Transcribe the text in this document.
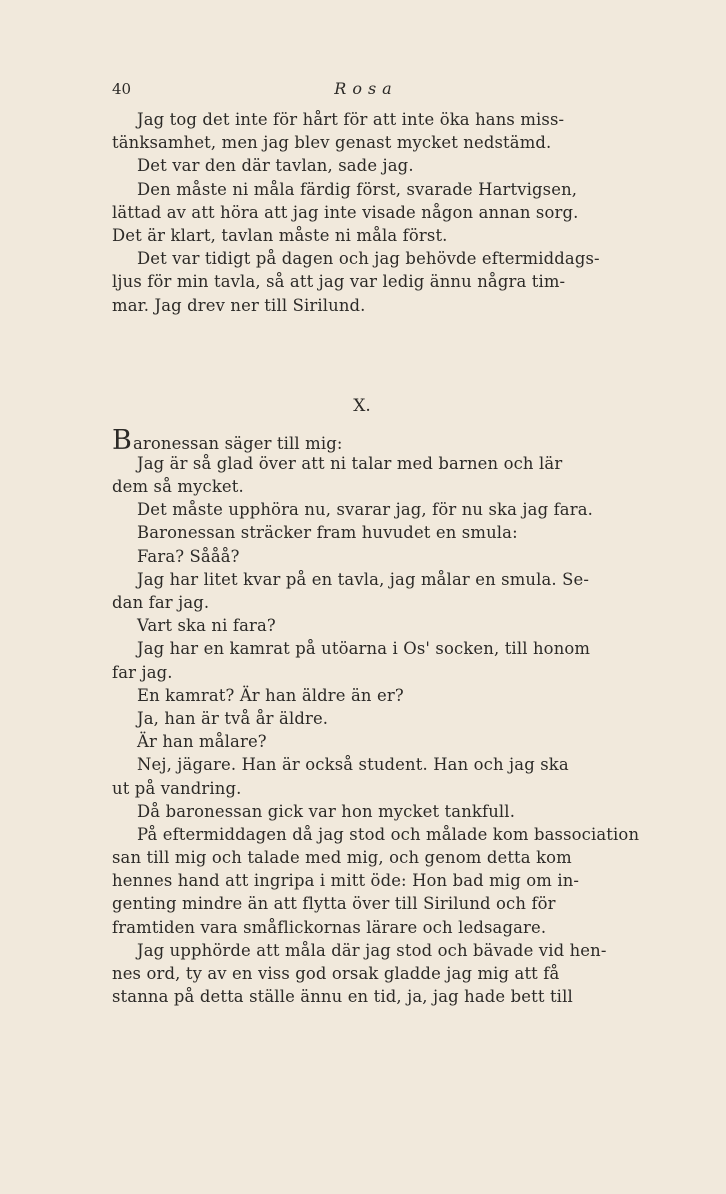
40	Rosa
Jag tog det inte för hårt för att inte öka hans miss-
tänksamhet, men jag blev genast mycket nedstämd.
Det var den där tavlan, sade jag.
Den måste ni måla färdig först, svarade Hartvigsen,
lättad av att höra att jag inte visade någon annan sorg.
Det är klart, tavlan måste ni måla först.
Det var tidigt på dagen och jag behövde eftermiddags-
ljus för min tavla, så att jag var ledig ännu några tim-
mar. Jag drev ner till Sirilund.
X.
Baronessan säger till mig:
Jag är så glad över att ni talar med barnen och lär
dem så mycket.
Det måste upphöra nu, svarar jag, för nu ska jag fara.
Baronessan sträcker fram huvudet en smula:
Fara? Sååå?
Jag har litet kvar på en tavla, jag målar en smula. Se-
dan far jag.
Vart ska ni fara?
Jag har en kamrat på utöarna i Os' socken, till honom
far jag.
En kamrat? Är han äldre än er?
Ja, han är två år äldre.
Är han målare?
Nej, jägare. Han är också student. Han och jag ska
ut på vandring.
Då baronessan gick var hon mycket tankfull.
På eftermiddagen då jag stod och målade kom bassociation
san till mig och talade med mig, och genom detta kom
hennes hand att ingripa i mitt öde: Hon bad mig om in-
genting mindre än att flytta över till Sirilund och för
framtiden vara småflickornas lärare och ledsagare.
Jag upphörde att måla där jag stod och bävade vid hen-
nes ord, ty av en viss god orsak gladde jag mig att få
stanna på detta ställe ännu en tid, ja, jag hade bett till
